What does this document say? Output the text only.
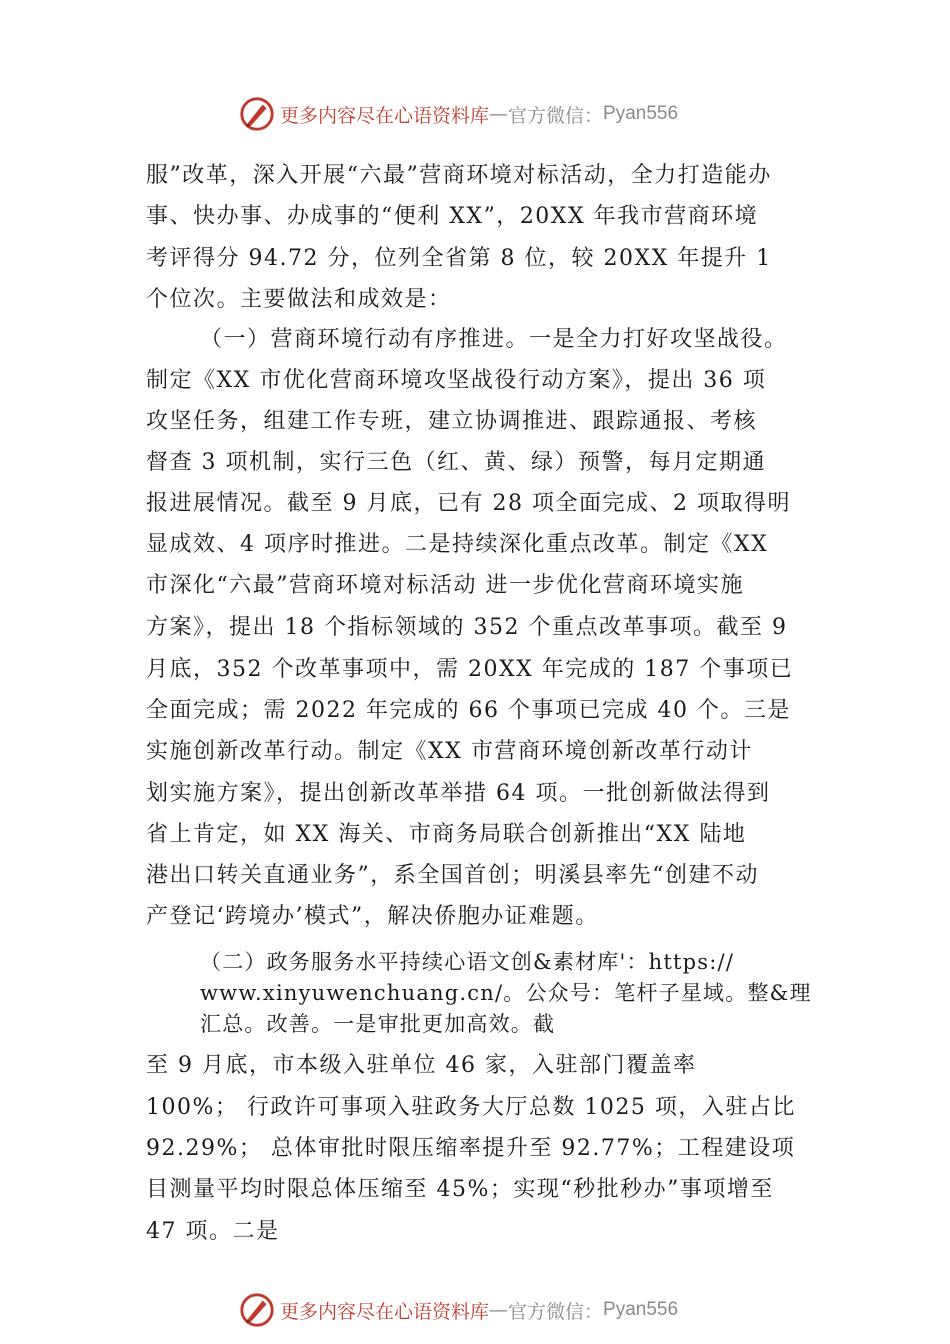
更多内容尽在心语资料库 — 官方微信： Pyan556
服”改革，深入开展“六最”营商环境对标活动，全力打造能办
事、快办事、办成事的“便利 XX”，20XX 年我市营商环境
考评得分 94.72 分，位列全省第 8 位，较 20XX 年提升 1
个位次。主要做法和成效是：
（一）营商环境行动有序推进。一是全力打好攻坚战役。
制定《XX 市优化营商环境攻坚战役行动方案》，提出 36 项
攻坚任务，组建工作专班，建立协调推进、跟踪通报、考核
督查 3 项机制，实行三色（红、黄、绿）预警，每月定期通
报进展情况。截至 9 月底，已有 28 项全面完成、2 项取得明
显成效、4 项序时推进。二是持续深化重点改革。制定《XX
市深化“六最”营商环境对标活动 进一步优化营商环境实施
方案》，提出 18 个指标领域的 352 个重点改革事项。截至 9
月底，352 个改革事项中，需 20XX 年完成的 187 个事项已
全面完成；需 2022 年完成的 66 个事项已完成 40 个。三是
实施创新改革行动。制定《XX 市营商环境创新改革行动计
划实施方案》，提出创新改革举措 64 项。一批创新做法得到
省上肯定，如 XX 海关、市商务局联合创新推出“XX 陆地
港出口转关直通业务”，系全国首创；明溪县率先“创建不动
产登记‘跨境办’模式”，解决侨胞办证难题。
（二）政务服务水平持续心语文创&素材库'：https://
www.xinyuwenchuang.cn/。公众号：笔杆子星域。整&理
汇总。改善。一是审批更加高效。截
至 9 月底，市本级入驻单位 46 家，入驻部门覆盖率
100%； 行政许可事项入驻政务大厅总数 1025 项，入驻占比
92.29%； 总体审批时限压缩率提升至 92.77%；工程建设项
目测量平均时限总体压缩至 45%；实现“秒批秒办”事项增至
47 项。二是
更多内容尽在心语资料库 — 官方微信： Pyan556
